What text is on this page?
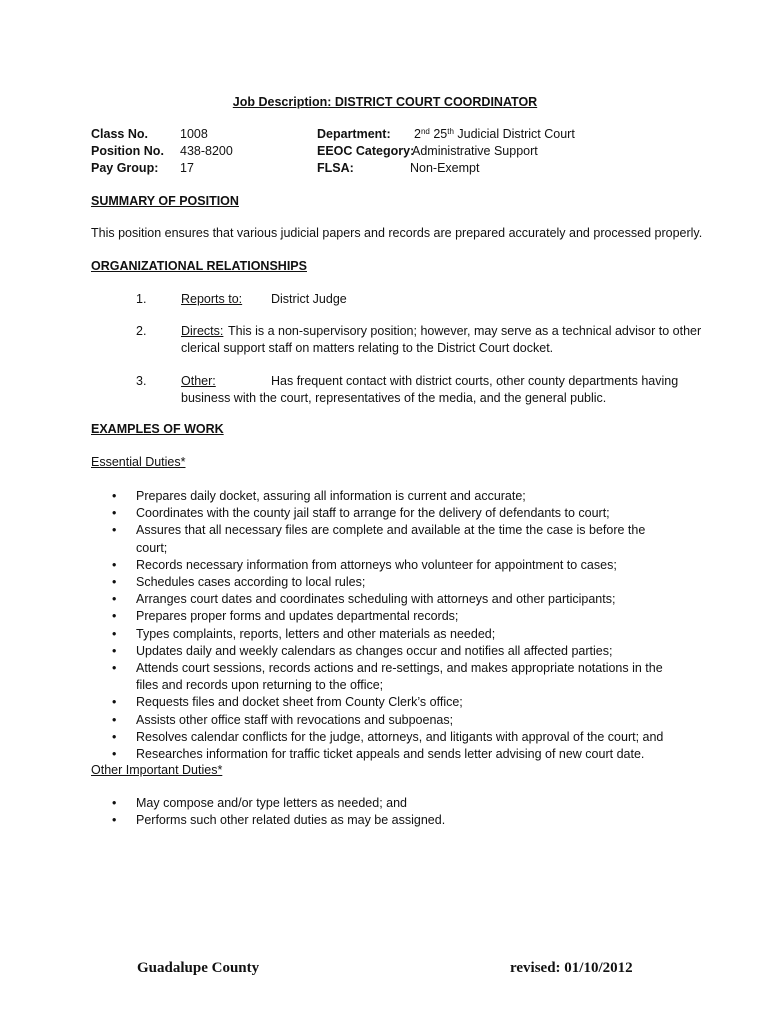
Job Description: DISTRICT COURT COORDINATOR
Class No.	1008
Position No. 438-8200
Pay Group: 17
Department: 2nd 25th Judicial District Court
EEOC Category:
Administrative Support
FLSA:	Non-Exempt
SUMMARY OF POSITION
This position ensures that various judicial papers and records are prepared accurately and processed properly.
ORGANIZATIONAL RELATIONSHIPS
1.	Reports to: District Judge
2.	Directs: This is a non-supervisory position; however, may serve as a technical advisor to other
clerical support staff on matters relating to the District Court docket.
3.	Other:	Has frequent contact with district courts, other county departments having
business with the court, representatives of the media, and the general public.
EXAMPLES OF WORK
Essential Duties*
• Prepares daily docket, assuring all information is current and accurate;
• Coordinates with the county jail staff to arrange for the delivery of defendants to court;
• Assures that all necessary files are complete and available at the time the case is before the court;
• Records necessary information from attorneys who volunteer for appointment to cases;
• Schedules cases according to local rules;
• Arranges court dates and coordinates scheduling with attorneys and other participants;
• Prepares proper forms and updates departmental records;
• Types complaints, reports, letters and other materials as needed;
• Updates daily and weekly calendars as changes occur and notifies all affected parties;
• Attends court sessions, records actions and re-settings, and makes appropriate notations in the files and records upon returning to the office;
• Requests files and docket sheet from County Clerk’s office;
• Assists other office staff with revocations and subpoenas;
• Resolves calendar conflicts for the judge, attorneys, and litigants with approval of the court; and
• Researches information for traffic ticket appeals and sends letter advising of new court date.
Other Important Duties*
• May compose and/or type letters as needed; and
• Performs such other related duties as may be assigned.
Guadalupe County	revised: 01/10/2012
